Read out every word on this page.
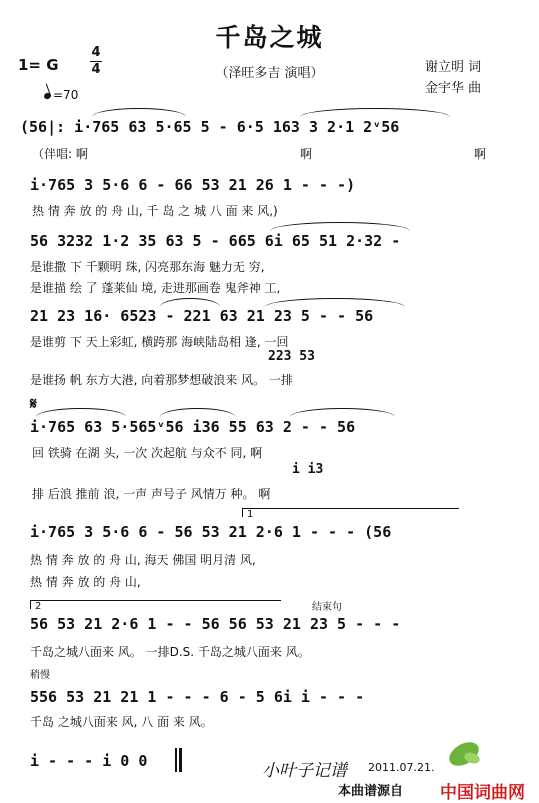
千岛之城
（泽旺多吉 演唱）
1= G
4
4
=70
谢立明 词
金宇华 曲
(56|: i·765 63 5·65 5 - 6·5 163 3 2·1 2ᵛ56
（伴唱: 啊	啊	啊
i·765 3 5·6 6 - 66 53 21 26 1 - - -)
热 情 奔 放 的 舟 山, 千 岛 之 城 八 面 来 风,)
56 3232 1·2 35 63 5 - 665 6i 65 51 2·32 -
是谁撒 下 千颗明 珠, 闪亮那东海 魅力无 穷,
是谁描 绘 了 蓬莱仙 境, 走进那画卷 鬼斧神 工,
21 23 16· 6523 - 221 63 21 23 5 - - 56
是谁剪 下 天上彩虹, 横跨那 海峡陆岛相 逢, 一回
223 53
是谁扬 帆 东方大港, 向着那梦想破浪来 风。 一排
𝄋
i·765 63 5·565ᵛ56 i36 55 63 2 - - 56
回 铁骑 在湖 头, 一次 次起航 与众不 同, 啊
i i3
排 后浪 推前 浪, 一声 声号子 风情万 种。 啊
1
i·765 3 5·6 6 - 56 53 21 2·6 1 - - - (56
热 情 奔 放 的 舟 山, 海天 佛国 明月清 风,
热 情 奔 放 的 舟 山,
2	结束句
56 53 21 2·6 1 - - 56 56 53 21 23 5 - - -
千岛之城八面来 风。 一排D.S. 千岛之城八面来 风。
稍慢
556 53 21 21 1 - - - 6 - 5 6i i - - -
千岛 之城八面来 风, 八 面 来 风。
i - - - i 0 0	小叶子记谱 2011.07.21.
本曲谱源自 中国词曲网
